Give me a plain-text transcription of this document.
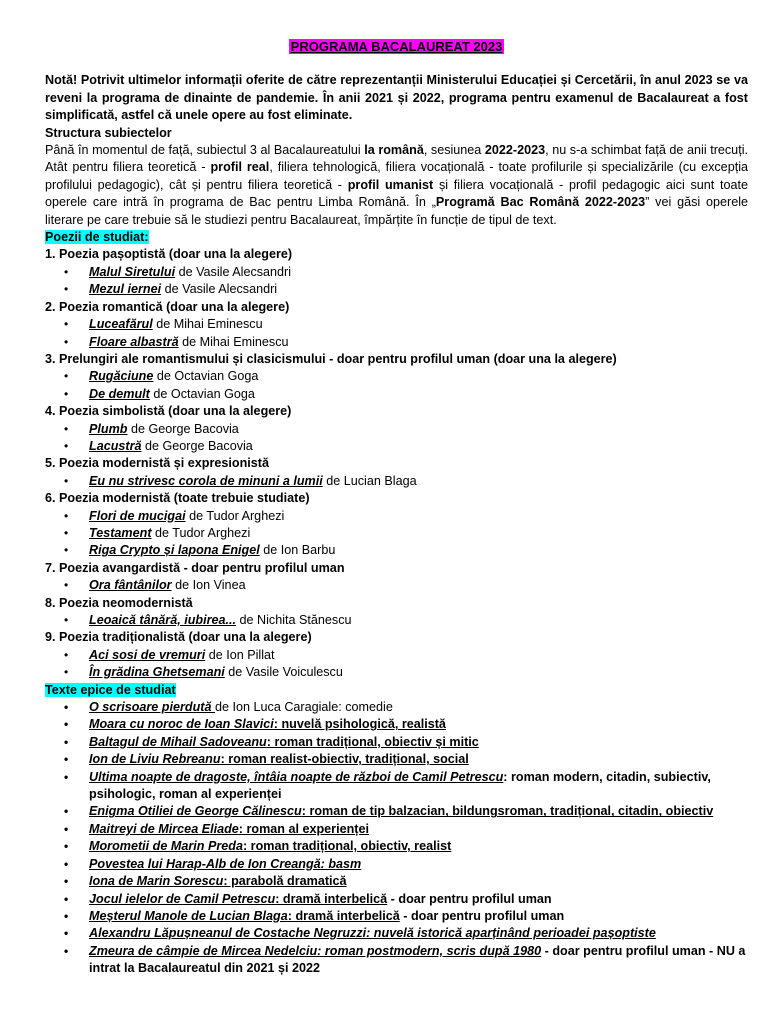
PROGRAMA BACALAUREAT 2023

Notă! Potrivit ultimelor informații oferite de către reprezentanții Ministerului Educației și Cercetării, în anul 2023 se va reveni la programa de dinainte de pandemie. În anii 2021 și 2022, programa pentru examenul de Bacalaureat a fost simplificată, astfel că unele opere au fost eliminate.

Structura subiectelor

Până în momentul de față, subiectul 3 al Bacalaureatului la română, sesiunea 2022-2023, nu s-a schimbat față de anii trecuți. Atât pentru filiera teoretică - profil real, filiera tehnologică, filiera vocațională - toate profilurile și specializările (cu excepția profilului pedagogic), cât și pentru filiera teoretică - profil umanist și filiera vocațională - profil pedagogic aici sunt toate operele care intră în programa de Bac pentru Limba Română. În „Programă Bac Română 2022-2023” vei găsi operele literare pe care trebuie să le studiezi pentru Bacalaureat, împărțite în funcție de tipul de text.

Poezii de studiat:

1. Poezia pașoptistă (doar una la alegere)

• Malul Siretului de Vasile Alecsandri
• Mezul iernei de Vasile Alecsandri

2. Poezia romantică (doar una la alegere)

• Luceafărul de Mihai Eminescu
• Floare albastră de Mihai Eminescu

3. Prelungiri ale romantismului și clasicismului - doar pentru profilul uman (doar una la alegere)

• Rugăciune de Octavian Goga
• De demult de Octavian Goga

4. Poezia simbolistă (doar una la alegere)

• Plumb de George Bacovia
• Lacustră de George Bacovia

5. Poezia modernistă și expresionistă

• Eu nu strivesc corola de minuni a lumii de Lucian Blaga

6. Poezia modernistă (toate trebuie studiate)

• Flori de mucigai de Tudor Arghezi
• Testament de Tudor Arghezi
• Riga Crypto și lapona Enigel de Ion Barbu

7. Poezia avangardistă - doar pentru profilul uman

• Ora fântânilor de Ion Vinea

8. Poezia neomodernistă

• Leoaică tânără, iubirea... de Nichita Stănescu

9. Poezia tradiționalistă (doar una la alegere)

• Aci sosi de vremuri de Ion Pillat
• În grădina Ghetsemani de Vasile Voiculescu

Texte epice de studiat

• O scrisoare pierdută de Ion Luca Caragiale: comedie
• Moara cu noroc de Ioan Slavici: nuvelă psihologică, realistă
• Baltagul de Mihail Sadoveanu: roman tradițional, obiectiv și mitic
• Ion de Liviu Rebreanu: roman realist-obiectiv, tradițional, social
• Ultima noapte de dragoste, întâia noapte de război de Camil Petrescu: roman modern, citadin, subiectiv, psihologic, roman al experienței
• Enigma Otiliei de George Călinescu: roman de tip balzacian, bildungsroman, tradițional, citadin, obiectiv
• Maitreyi de Mircea Eliade: roman al experienței
• Morometii de Marin Preda: roman tradițional, obiectiv, realist
• Povestea lui Harap-Alb de Ion Creangă: basm
• Iona de Marin Sorescu: parabolă dramatică
• Jocul ielelor de Camil Petrescu: dramă interbelică - doar pentru profilul uman
• Meșterul Manole de Lucian Blaga: dramă interbelică - doar pentru profilul uman
• Alexandru Lăpușneanul de Costache Negruzzi: nuvelă istorică aparținând perioadei pașoptiste
• Zmeura de câmpie de Mircea Nedelciu: roman postmodern, scris după 1980 - doar pentru profilul uman - NU a intrat la Bacalaureatul din 2021 și 2022
